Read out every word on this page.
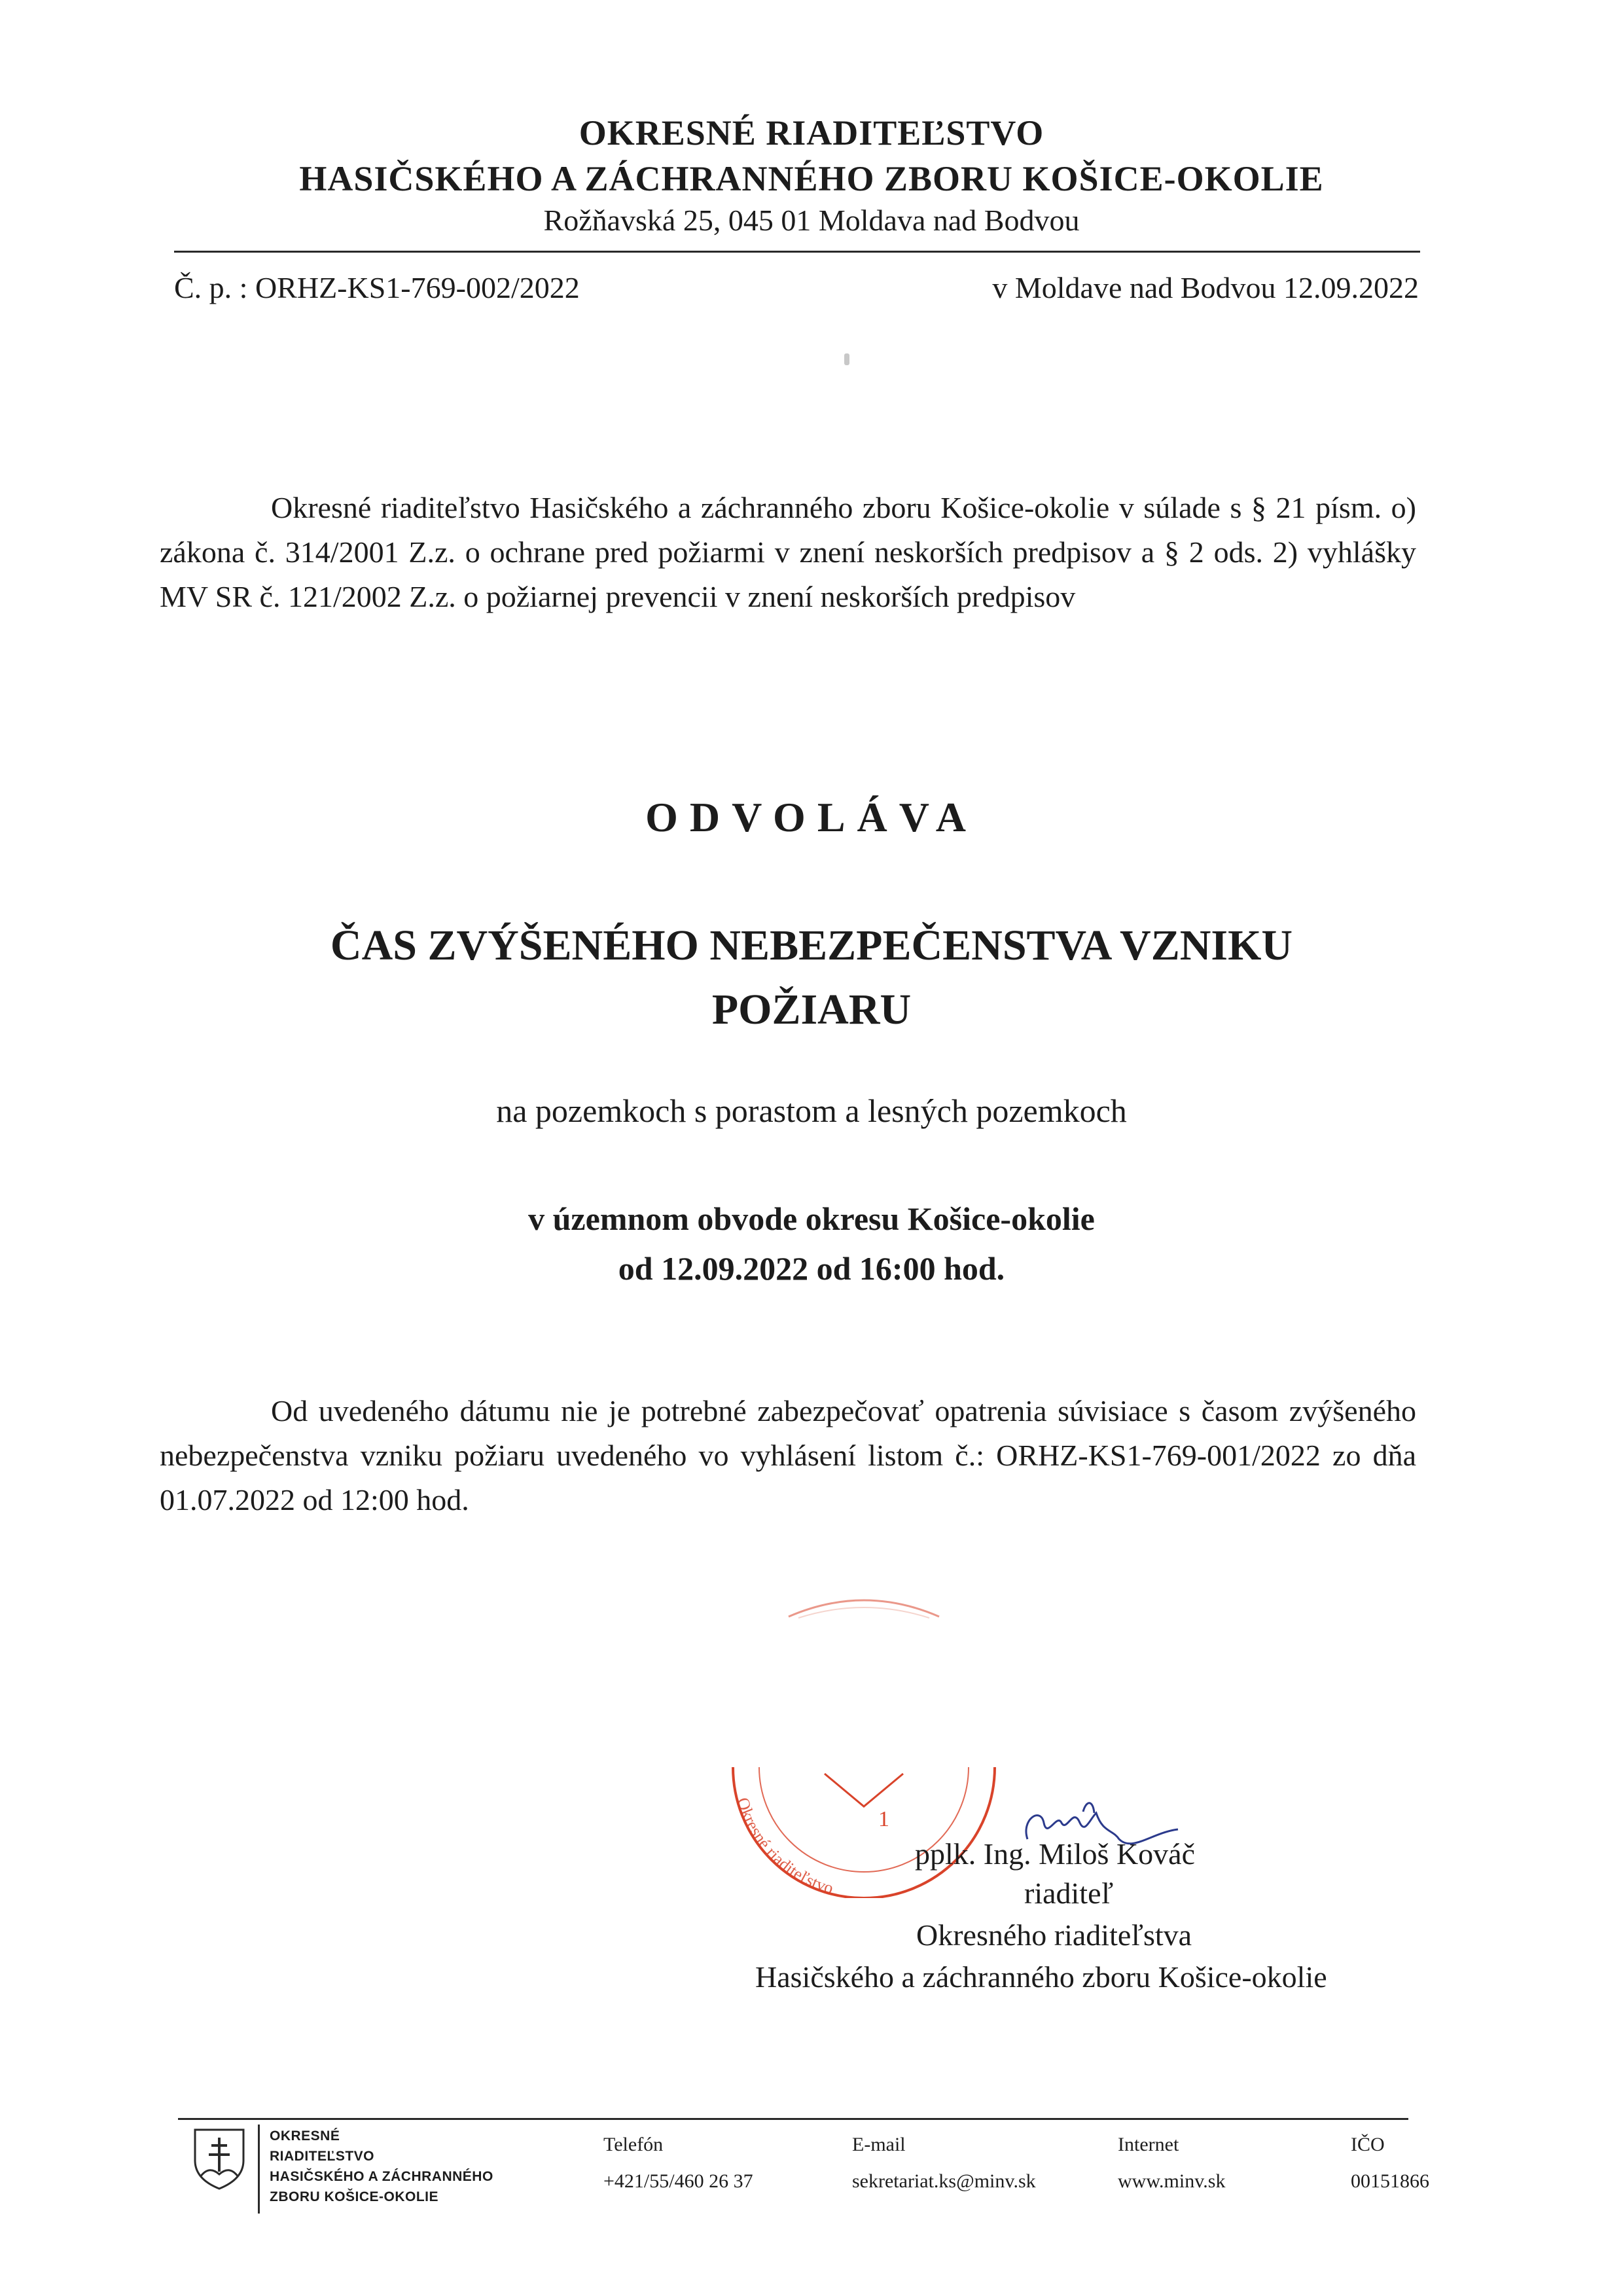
OKRESNÉ RIADITEĽSTVO
HASIČSKÉHO A ZÁCHRANNÉHO ZBORU KOŠICE-OKOLIE
Rožňavská 25, 045 01 Moldava nad Bodvou
Č. p. : ORHZ-KS1-769-002/2022	v Moldave nad Bodvou 12.09.2022
Okresné riaditeľstvo Hasičského a záchranného zboru Košice-okolie v súlade s § 21 písm. o) zákona č. 314/2001 Z.z. o ochrane pred požiarmi v znení neskorších predpisov a § 2 ods. 2) vyhlášky MV SR č. 121/2002 Z.z. o požiarnej prevencii v znení neskorších predpisov
ODVOLÁVA
ČAS ZVÝŠENÉHO NEBEZPEČENSTVA VZNIKU
POŽIARU
na pozemkoch s porastom a lesných pozemkoch
v územnom obvode okresu Košice-okolie
od 12.09.2022 od 16:00 hod.
Od uvedeného dátumu nie je potrebné zabezpečovať opatrenia súvisiace s časom zvýšeného nebezpečenstva vzniku požiaru uvedeného vo vyhlásení listom č.: ORHZ-KS1-769-001/2022 zo dňa 01.07.2022 od 12:00 hod.
Okresné riaditeľstvo
1
pplk. Ing. Miloš Kováč
riaditeľ
Okresného riaditeľstva
Hasičského a záchranného zboru Košice-okolie
OKRESNÉ
RIADITEĽSTVO
HASIČSKÉHO A ZÁCHRANNÉHO
ZBORU KOŠICE-OKOLIE
Telefón
+421/55/460 26 37
E-mail
sekretariat.ks@minv.sk
Internet
www.minv.sk
IČO
00151866
